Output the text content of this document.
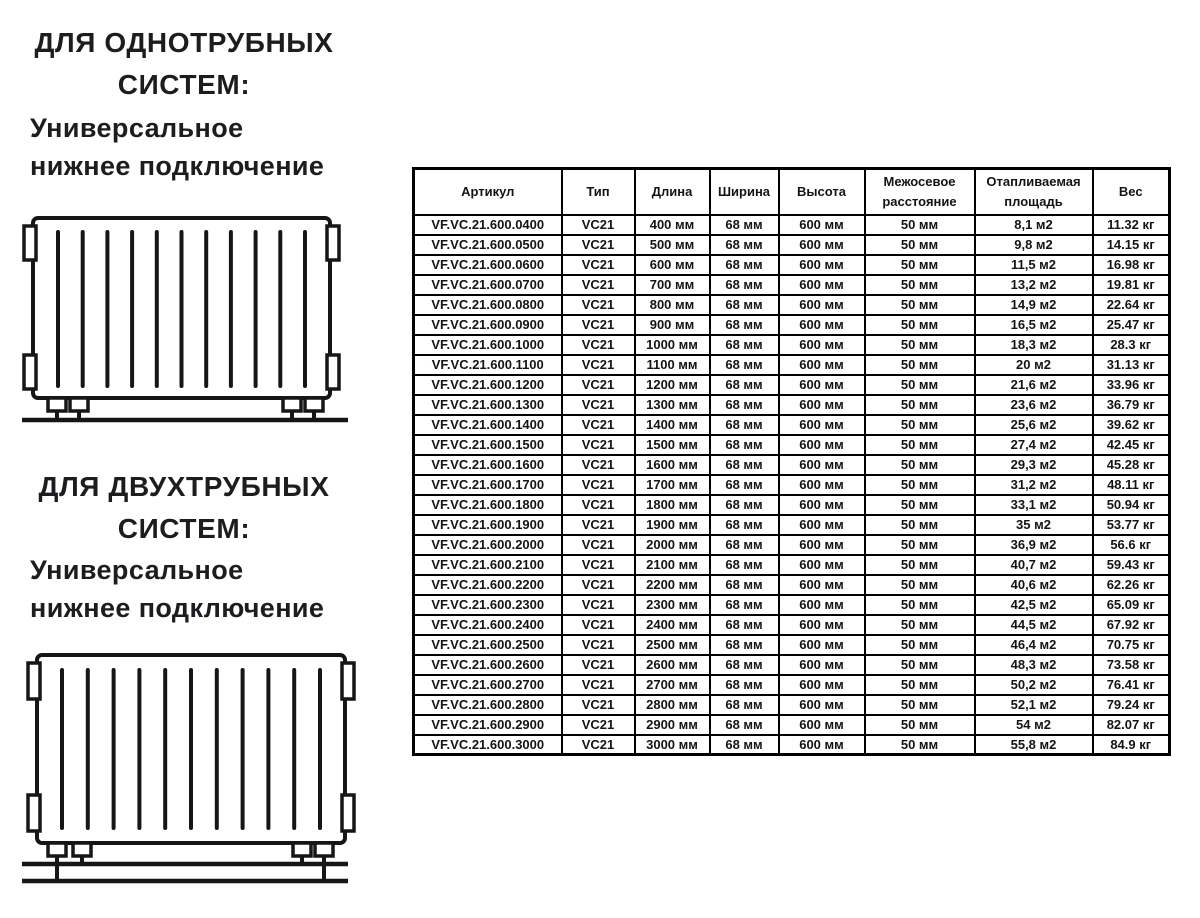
ДЛЯ ОДНОТРУБНЫХ
СИСТЕМ:
Универсальное
нижнее подключение
ДЛЯ ДВУХТРУБНЫХ
СИСТЕМ:
Универсальное
нижнее подключение
Артикул	Тип	Длина	Ширина	Высота	Межосевое расстояние	Отапливаемая площадь	Вес
VF.VC.21.600.0400	VC21	400 мм	68 мм	600 мм	50 мм	8,1 м2	11.32 кг
VF.VC.21.600.0500	VC21	500 мм	68 мм	600 мм	50 мм	9,8 м2	14.15 кг
VF.VC.21.600.0600	VC21	600 мм	68 мм	600 мм	50 мм	11,5 м2	16.98 кг
VF.VC.21.600.0700	VC21	700 мм	68 мм	600 мм	50 мм	13,2 м2	19.81 кг
VF.VC.21.600.0800	VC21	800 мм	68 мм	600 мм	50 мм	14,9 м2	22.64 кг
VF.VC.21.600.0900	VC21	900 мм	68 мм	600 мм	50 мм	16,5 м2	25.47 кг
VF.VC.21.600.1000	VC21	1000 мм	68 мм	600 мм	50 мм	18,3 м2	28.3 кг
VF.VC.21.600.1100	VC21	1100 мм	68 мм	600 мм	50 мм	20 м2	31.13 кг
VF.VC.21.600.1200	VC21	1200 мм	68 мм	600 мм	50 мм	21,6 м2	33.96 кг
VF.VC.21.600.1300	VC21	1300 мм	68 мм	600 мм	50 мм	23,6 м2	36.79 кг
VF.VC.21.600.1400	VC21	1400 мм	68 мм	600 мм	50 мм	25,6 м2	39.62 кг
VF.VC.21.600.1500	VC21	1500 мм	68 мм	600 мм	50 мм	27,4 м2	42.45 кг
VF.VC.21.600.1600	VC21	1600 мм	68 мм	600 мм	50 мм	29,3 м2	45.28 кг
VF.VC.21.600.1700	VC21	1700 мм	68 мм	600 мм	50 мм	31,2 м2	48.11 кг
VF.VC.21.600.1800	VC21	1800 мм	68 мм	600 мм	50 мм	33,1 м2	50.94 кг
VF.VC.21.600.1900	VC21	1900 мм	68 мм	600 мм	50 мм	35 м2	53.77 кг
VF.VC.21.600.2000	VC21	2000 мм	68 мм	600 мм	50 мм	36,9 м2	56.6 кг
VF.VC.21.600.2100	VC21	2100 мм	68 мм	600 мм	50 мм	40,7 м2	59.43 кг
VF.VC.21.600.2200	VC21	2200 мм	68 мм	600 мм	50 мм	40,6 м2	62.26 кг
VF.VC.21.600.2300	VC21	2300 мм	68 мм	600 мм	50 мм	42,5 м2	65.09 кг
VF.VC.21.600.2400	VC21	2400 мм	68 мм	600 мм	50 мм	44,5 м2	67.92 кг
VF.VC.21.600.2500	VC21	2500 мм	68 мм	600 мм	50 мм	46,4 м2	70.75 кг
VF.VC.21.600.2600	VC21	2600 мм	68 мм	600 мм	50 мм	48,3 м2	73.58 кг
VF.VC.21.600.2700	VC21	2700 мм	68 мм	600 мм	50 мм	50,2 м2	76.41 кг
VF.VC.21.600.2800	VC21	2800 мм	68 мм	600 мм	50 мм	52,1 м2	79.24 кг
VF.VC.21.600.2900	VC21	2900 мм	68 мм	600 мм	50 мм	54 м2	82.07 кг
VF.VC.21.600.3000	VC21	3000 мм	68 мм	600 мм	50 мм	55,8 м2	84.9 кг
